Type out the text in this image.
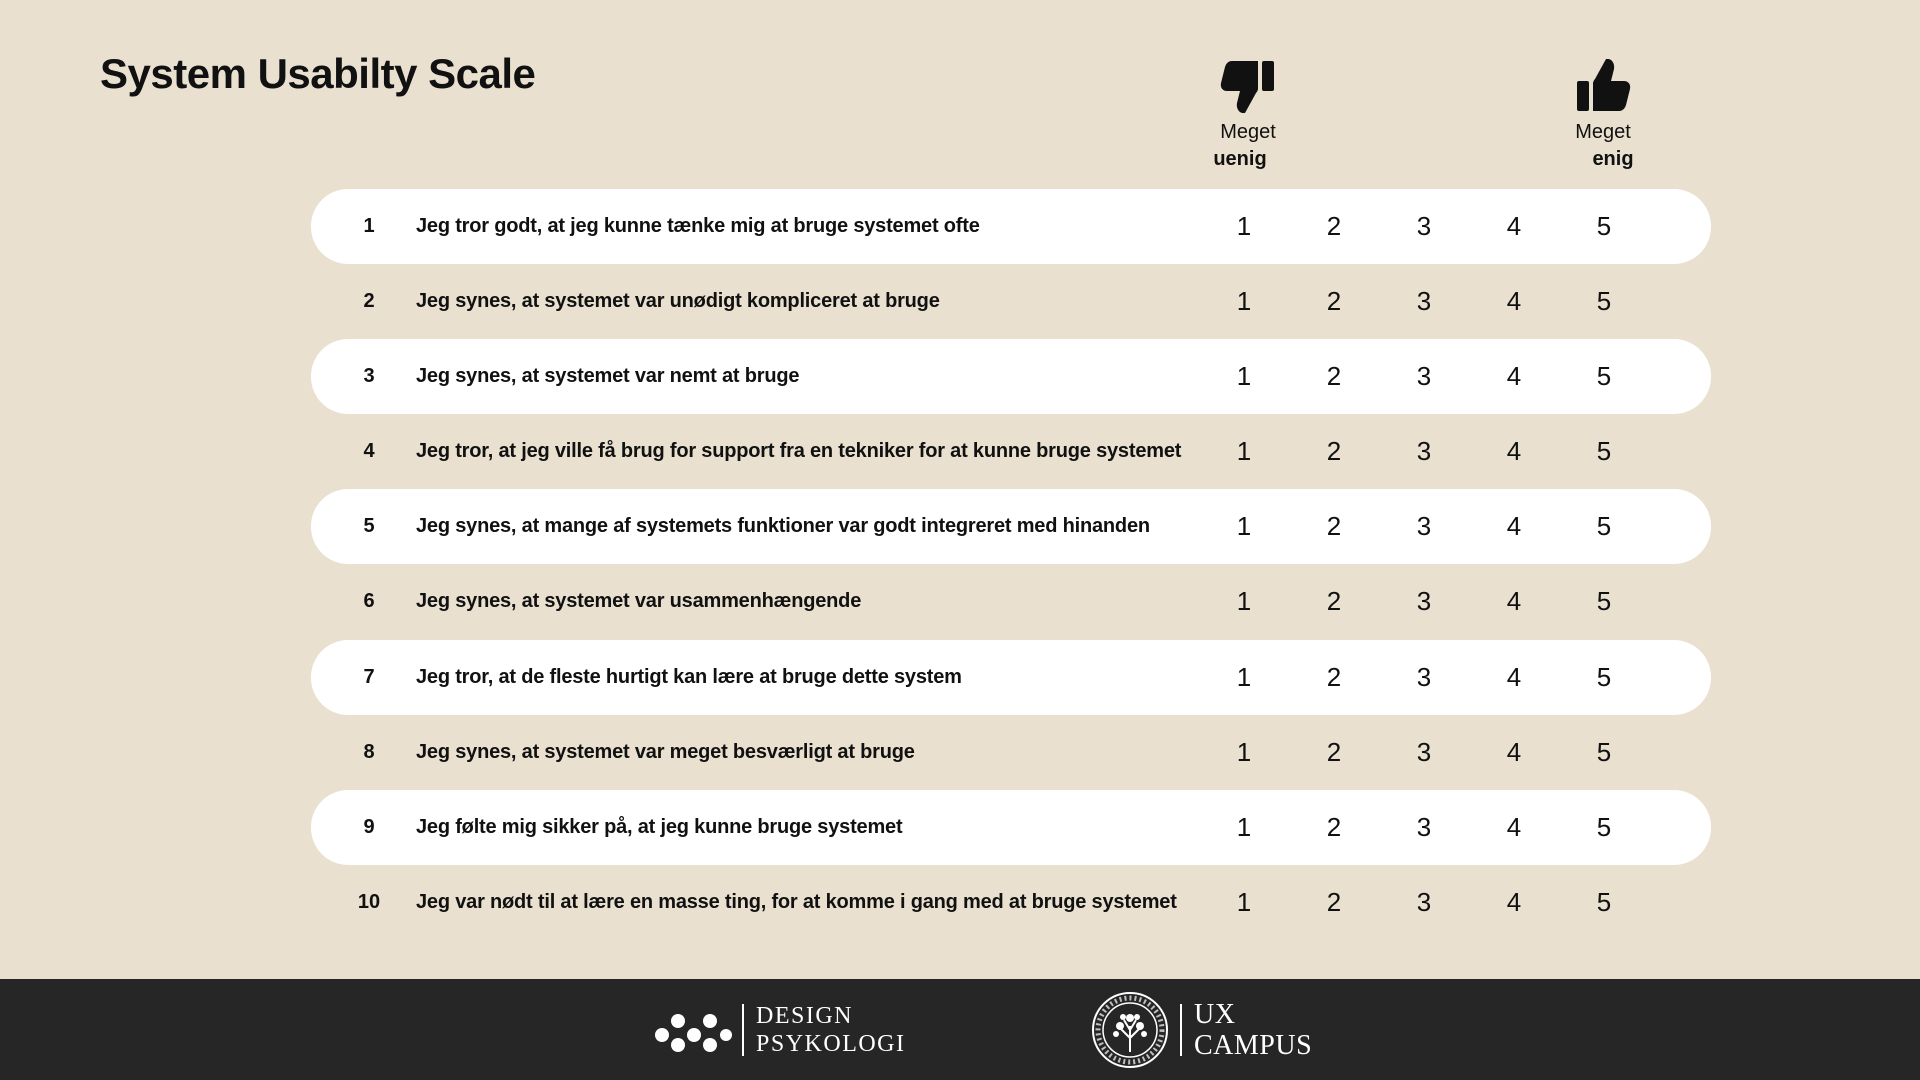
System Usabilty Scale
Meget
uenig
Meget
enig
1	Jeg tror godt, at jeg kunne tænke mig at bruge systemet ofte	1	2	3	4	5
2	Jeg synes, at systemet var unødigt kompliceret at bruge	1	2	3	4	5
3	Jeg synes, at systemet var nemt at bruge	1	2	3	4	5
4	Jeg tror, at jeg ville få brug for support fra en tekniker for at kunne bruge systemet	1	2	3	4	5
5	Jeg synes, at mange af systemets funktioner var godt integreret med hinanden	1	2	3	4	5
6	Jeg synes, at systemet var usammenhængende	1	2	3	4	5
7	Jeg tror, at de fleste hurtigt kan lære at bruge dette system	1	2	3	4	5
8	Jeg synes, at systemet var meget besværligt at bruge	1	2	3	4	5
9	Jeg følte mig sikker på, at jeg kunne bruge systemet	1	2	3	4	5
10	Jeg var nødt til at lære en masse ting, for at komme i gang med at bruge systemet	1	2	3	4	5
DESIGN
PSYKOLOGI
UX
CAMPUS
